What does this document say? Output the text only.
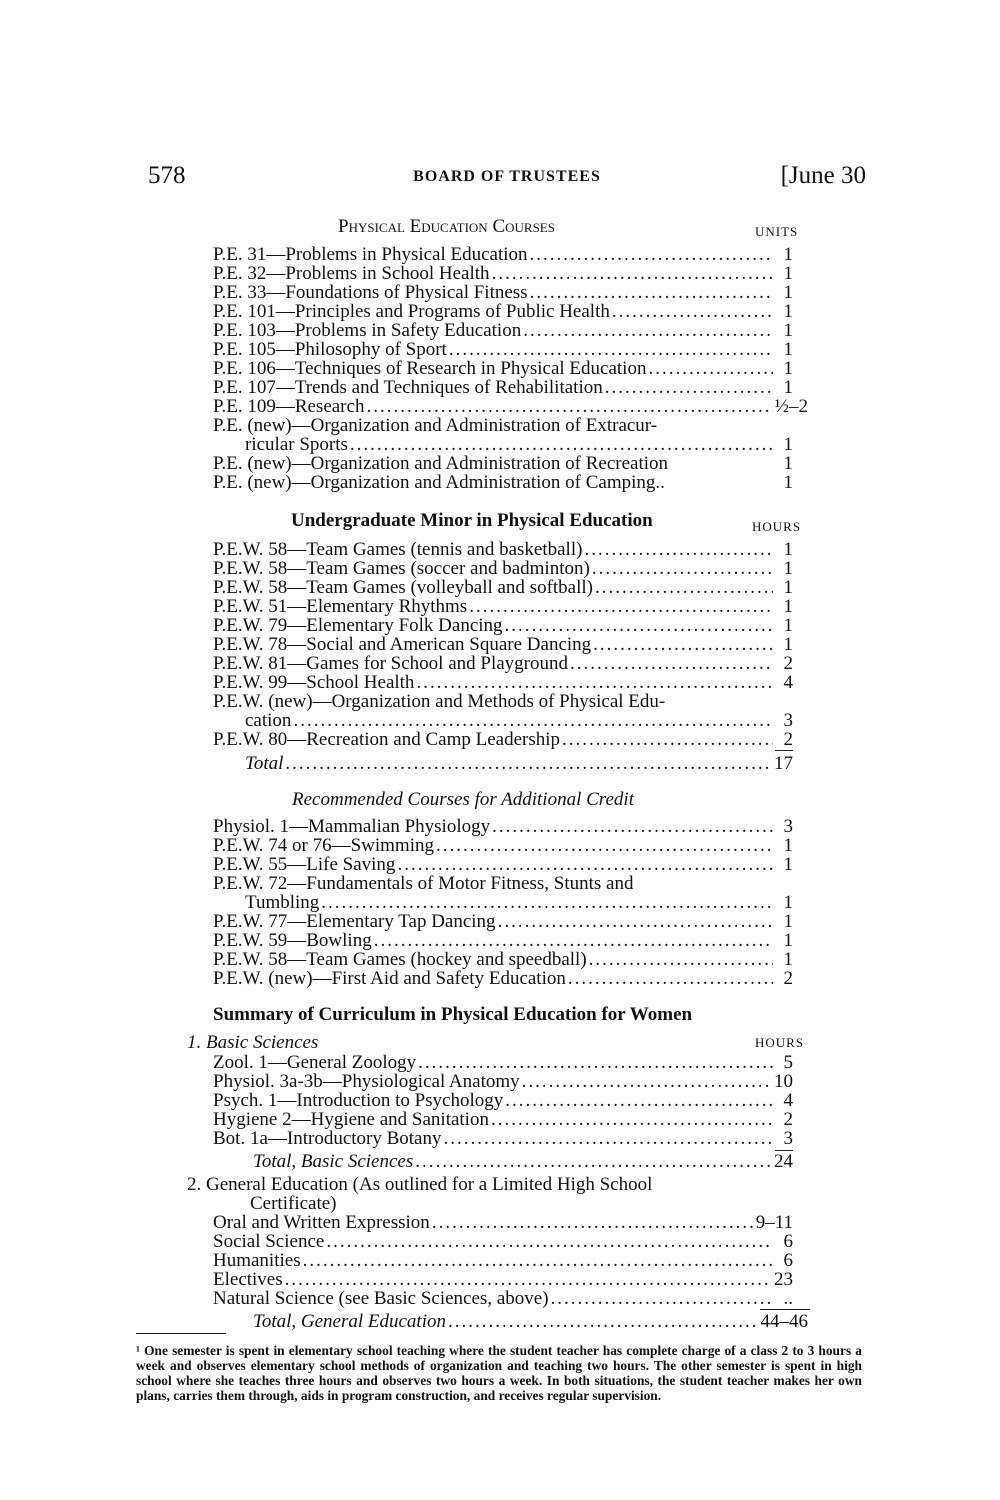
578	BOARD OF TRUSTEES	[June 30
Physical Education Courses	UNITS
P.E. 31—Problems in Physical Education .....	1
P.E. 32—Problems in School Health .....	1
P.E. 33—Foundations of Physical Fitness .....	1
P.E. 101—Principles and Programs of Public Health .....	1
P.E. 103—Problems in Safety Education .....	1
P.E. 105—Philosophy of Sport .....	1
P.E. 106—Techniques of Research in Physical Education .....	1
P.E. 107—Trends and Techniques of Rehabilitation .....	1
P.E. 109—Research .....	½–2
P.E. (new)—Organization and Administration of Extracur-
ricular Sports .....	1
P.E. (new)—Organization and Administration of Recreation	1
P.E. (new)—Organization and Administration of Camping..	1
Undergraduate Minor in Physical Education	HOURS
P.E.W. 58—Team Games (tennis and basketball) .....	1
P.E.W. 58—Team Games (soccer and badminton) .....	1
P.E.W. 58—Team Games (volleyball and softball) .....	1
P.E.W. 51—Elementary Rhythms .....	1
P.E.W. 79—Elementary Folk Dancing .....	1
P.E.W. 78—Social and American Square Dancing .....	1
P.E.W. 81—Games for School and Playground .....	2
P.E.W. 99—School Health .....	4
P.E.W. (new)—Organization and Methods of Physical Edu-
cation .....	3
P.E.W. 80—Recreation and Camp Leadership .....	2
Total .....	17
Recommended Courses for Additional Credit
Physiol. 1—Mammalian Physiology .....	3
P.E.W. 74 or 76—Swimming .....	1
P.E.W. 55—Life Saving .....	1
P.E.W. 72—Fundamentals of Motor Fitness, Stunts and
Tumbling .....	1
P.E.W. 77—Elementary Tap Dancing .....	1
P.E.W. 59—Bowling .....	1
P.E.W. 58—Team Games (hockey and speedball) .....	1
P.E.W. (new)—First Aid and Safety Education .....	2
Summary of Curriculum in Physical Education for Women
1. Basic Sciences	HOURS
Zool. 1—General Zoology .....	5
Physiol. 3a-3b—Physiological Anatomy .....	10
Psych. 1—Introduction to Psychology .....	4
Hygiene 2—Hygiene and Sanitation .....	2
Bot. 1a—Introductory Botany .....	3
Total, Basic Sciences .....	24
2. General Education (As outlined for a Limited High School
Certificate)
Oral and Written Expression .....	9–11
Social Science .....	6
Humanities .....	6
Electives .....	23
Natural Science (see Basic Sciences, above) .....	..
Total, General Education .....	44–46
¹ One semester is spent in elementary school teaching where the student teacher has complete charge of a class 2 to 3 hours a week and observes elementary school methods of organization and teaching two hours. The other semester is spent in high school where she teaches three hours and observes two hours a week. In both situations, the student teacher makes her own plans, carries them through, aids in program construction, and receives regular supervision.
